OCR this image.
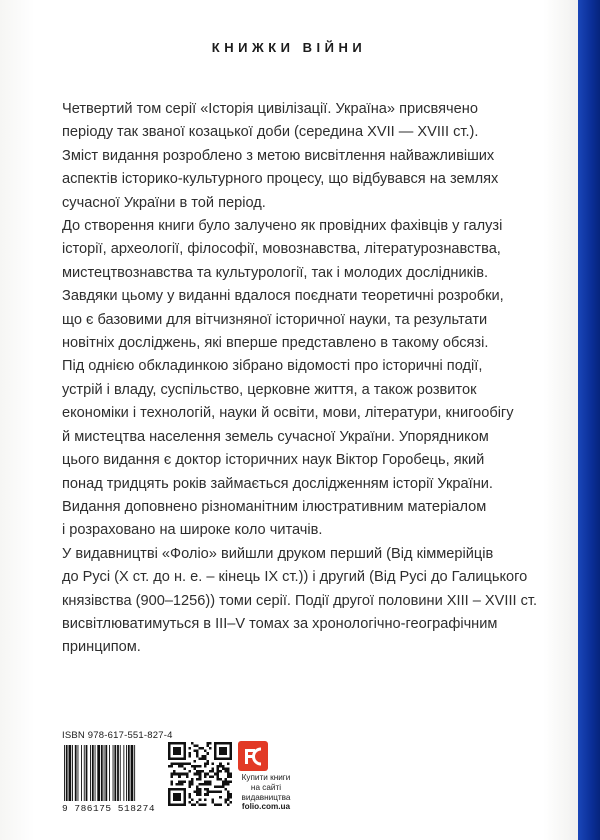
КНИЖКИ ВІЙНИ

Четвертий том серії «Історія цивілізації. Україна» присвячено

періоду так званої козацької доби (середина XVII — XVIII ст.).

Зміст видання розроблено з метою висвітлення найважливіших

аспектів історико-культурного процесу, що відбувався на землях

сучасної України в той період.

До створення книги було залучено як провідних фахівців у галузі

історії, археології, філософії, мовознавства, літературознавства,

мистецтвознавства та культурології, так і молодих дослідників.

Завдяки цьому у виданні вдалося поєднати теоретичні розробки,

що є базовими для вітчизняної історичної науки, та результати

новітніх досліджень, які вперше представлено в такому обсязі.

Під однією обкладинкою зібрано відомості про історичні події,

устрій і владу, суспільство, церковне життя, а також розвиток

економіки і технологій, науки й освіти, мови, літератури, книгообігу

й мистецтва населення земель сучасної України. Упорядником

цього видання є доктор історичних наук Віктор Горобець, який

понад тридцять років займається дослідженням історії України.

Видання доповнено різноманітним ілюстративним матеріалом

і розраховано на широке коло читачів.

У видавництві «Фоліо» вийшли друком перший (Від кіммерійців

до Русі (X ст. до н. е. – кінець IX ст.)) і другий (Від Русі до Галицького

князівства (900–1256)) томи серії. Події другої половини XIII – XVIII ст.

висвітлюватимуться в III–V томах за хронологічно-географічним

принципом.

ISBN 978-617-551-827-4
9 786175 518274
Купити книги
на сайті
видавництва
folio.com.ua
